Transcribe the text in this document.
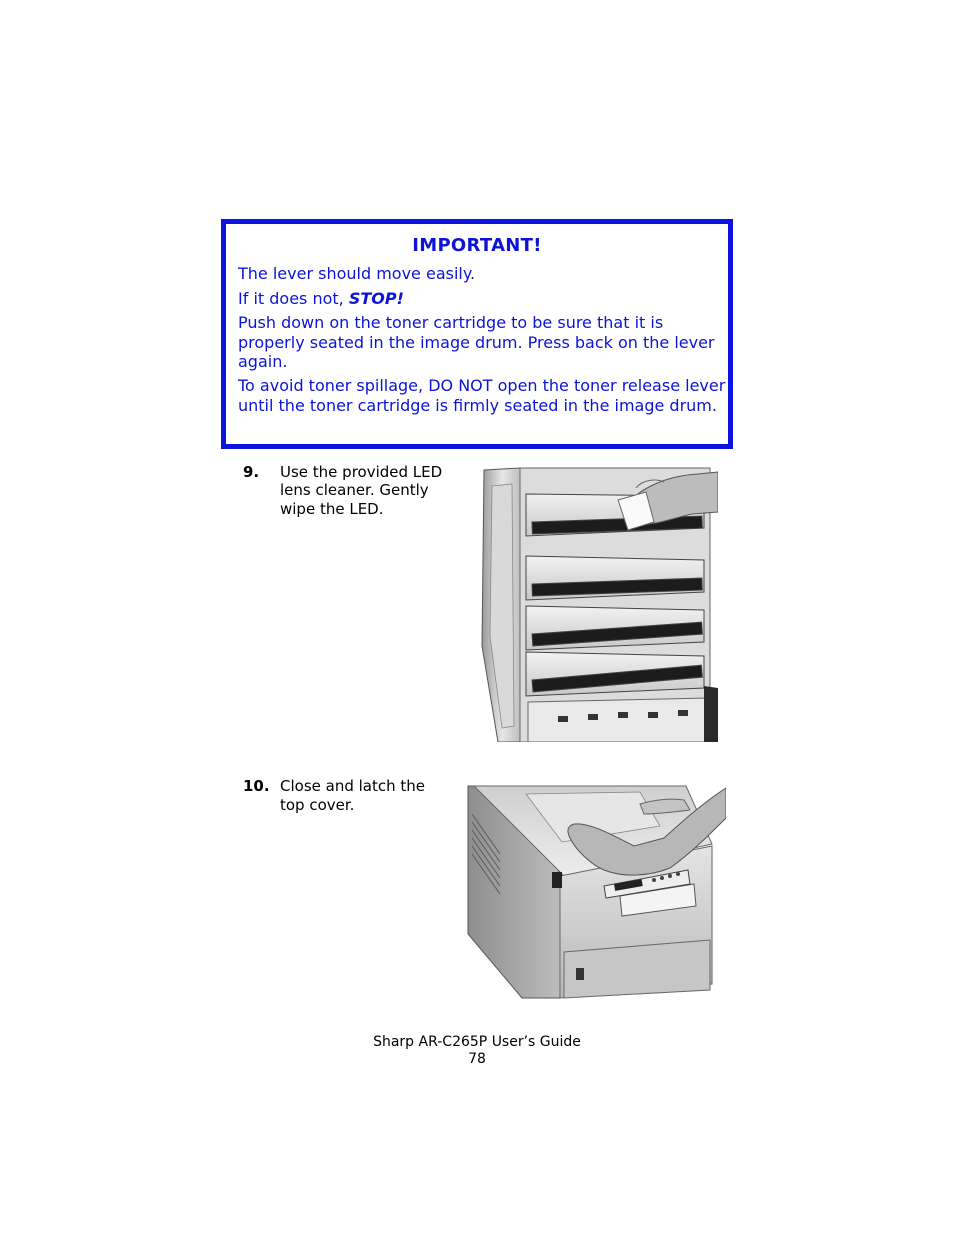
IMPORTANT!

The lever should move easily.

If it does not, STOP!

Push down on the toner cartridge to be sure that it is properly seated in the image drum. Press back on the lever again.

To avoid toner spillage, DO NOT open the toner release lever until the toner cartridge is firmly seated in the image drum.

9. Use the provided LED
lens cleaner. Gently
wipe the LED.
10. Close and latch the
top cover.
Sharp AR-C265P User’s Guide
78
